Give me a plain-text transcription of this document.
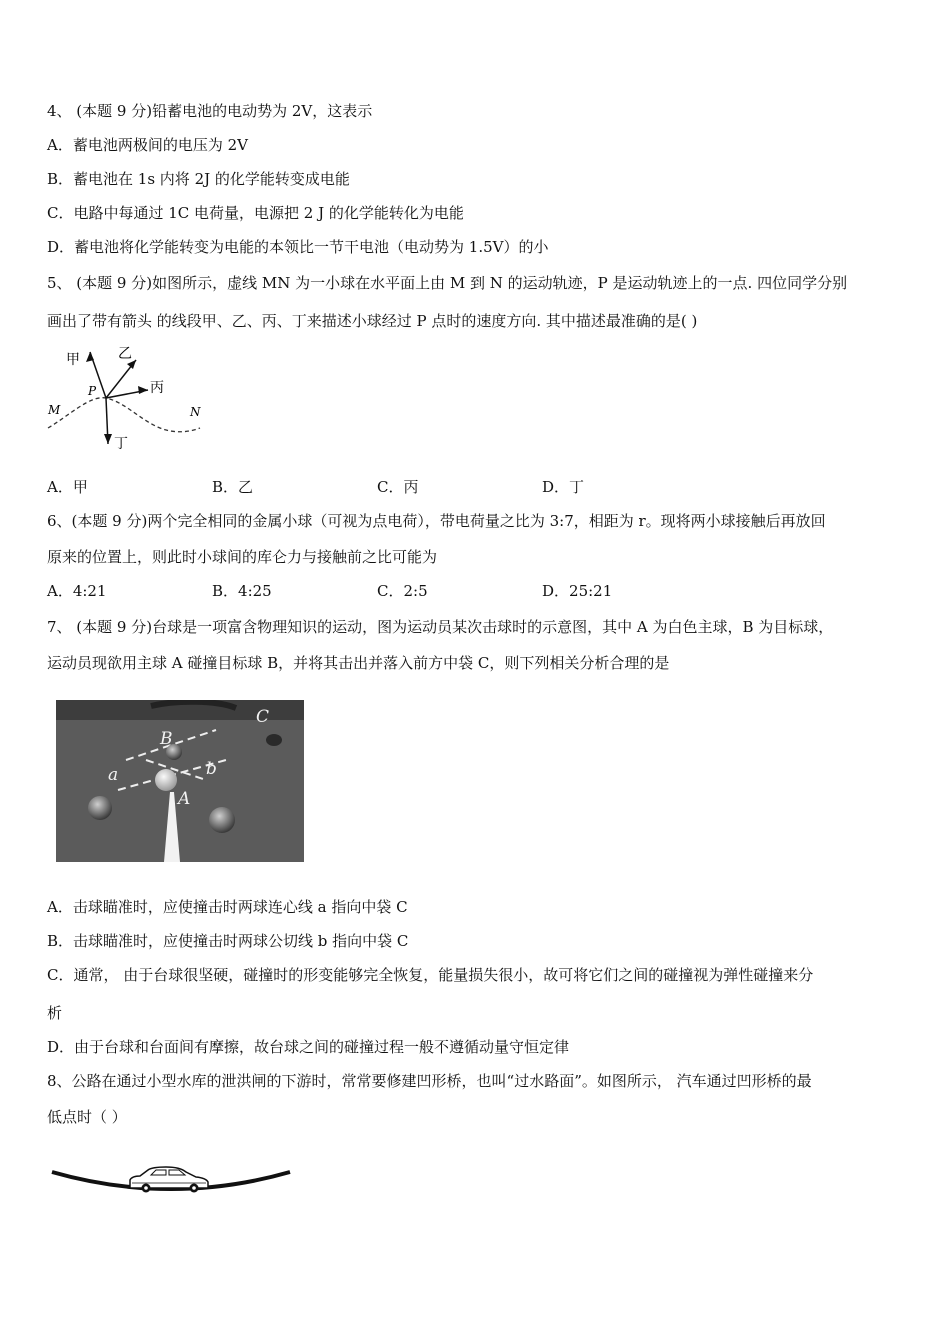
4、 (本题 9 分)铅蓄电池的电动势为 2V，这表示
A．蓄电池两极间的电压为 2V
B．蓄电池在 1s 内将 2J 的化学能转变成电能
C．电路中每通过 1C 电荷量，电源把 2 J 的化学能转化为电能
D．蓄电池将化学能转变为电能的本领比一节干电池（电动势为 1.5V）的小
5、 (本题 9 分)如图所示，虚线 MN 为一小球在水平面上由 M 到 N 的运动轨迹，P 是运动轨迹上的一点. 四位同学分别
画出了带有箭头 的线段甲、乙、丙、丁来描述小球经过 P 点时的速度方向. 其中描述最准确的是( )
甲	乙
丙
丁
P
M	N
A．甲	B．乙	C．丙	D．丁
6、(本题 9 分)两个完全相同的金属小球（可视为点电荷），带电荷量之比为 3:7，相距为 r。现将两小球接触后再放回
原来的位置上，则此时小球间的库仑力与接触前之比可能为
A．4:21	B．4:25	C．2:5	D．25:21
7、 (本题 9 分)台球是一项富含物理知识的运动，图为运动员某次击球时的示意图，其中 A 为白色主球，B 为目标球，
运动员现欲用主球 A 碰撞目标球 B，并将其击出并落入前方中袋 C，则下列相关分析合理的是
a	b
A
B
C
A．击球瞄准时，应使撞击时两球连心线 a 指向中袋 C
B．击球瞄准时，应使撞击时两球公切线 b 指向中袋 C
C．通常， 由于台球很坚硬，碰撞时的形变能够完全恢复，能量损失很小，故可将它们之间的碰撞视为弹性碰撞来分
析
D．由于台球和台面间有摩擦，故台球之间的碰撞过程一般不遵循动量守恒定律
8、公路在通过小型水库的泄洪闸的下游时，常常要修建凹形桥，也叫“过水路面”。如图所示， 汽车通过凹形桥的最
低点时（ ）
